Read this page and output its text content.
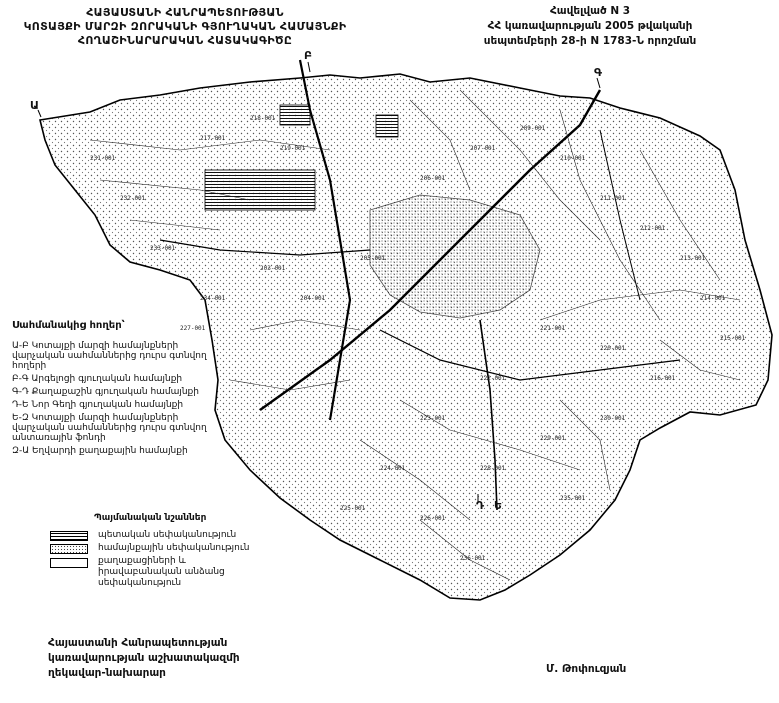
217-001
218-001
219-001
231-001
232-001
233-001
234-001
227-001
203-001
204-001
205-001
206-001
207-001
209-001
210-001
211-001
212-001
213-001
214-001
215-001
216-001
220-001
221-001
222-001
223-001
224-001
225-001
226-001
228-001
229-001
230-001
235-001
236-001
Ա
Բ
Գ
Դ Ե
ՀԱՅԱՍՏԱՆԻ ՀԱՆՐԱՊԵՏՈՒԹՅԱՆ
ԿՈՏԱՅՔԻ ՄԱՐԶԻ ԶՈՐԱԿԱՆԻ ԳՅՈՒՂԱԿԱՆ ՀԱՄԱՅՆՔԻ
ՀՈՂԱՇԻՆԱՐԱՐԱԿԱՆ ՀԱՏԱԿԱԳԻԾԸ
Հավելված N 3
ՀՀ կառավարության 2005 թվականի
սեպտեմբերի 28-ի N 1783-Ն որոշման
Սահմանակից հողեր՝
Ա-Բ Կոտայքի մարզի համայնքների վարչական սահմաններից դուրս գտնվող հողերի
Բ-Գ Արգելոցի գյուղական համայնքի
Գ-Դ Քաղաքաշին գյուղական համայնքի
Դ-Ե Նոր Գեղի գյուղական համայնքի
Ե-Զ Կոտայքի մարզի համայնքների վարչական սահմաններից դուրս գտնվող անտառային ֆոնդի
Զ-Ա Եղվարդի քաղաքային համայնքի
Պայմանական նշաններ
պետական սեփականություն
համայնքային սեփականություն
քաղաքացիների և իրավաբանական անձանց սեփականություն
Հայաստանի Հանրապետության
կառավարության աշխատակազմի
ղեկավար-նախարար	Մ. Թոփուզյան
